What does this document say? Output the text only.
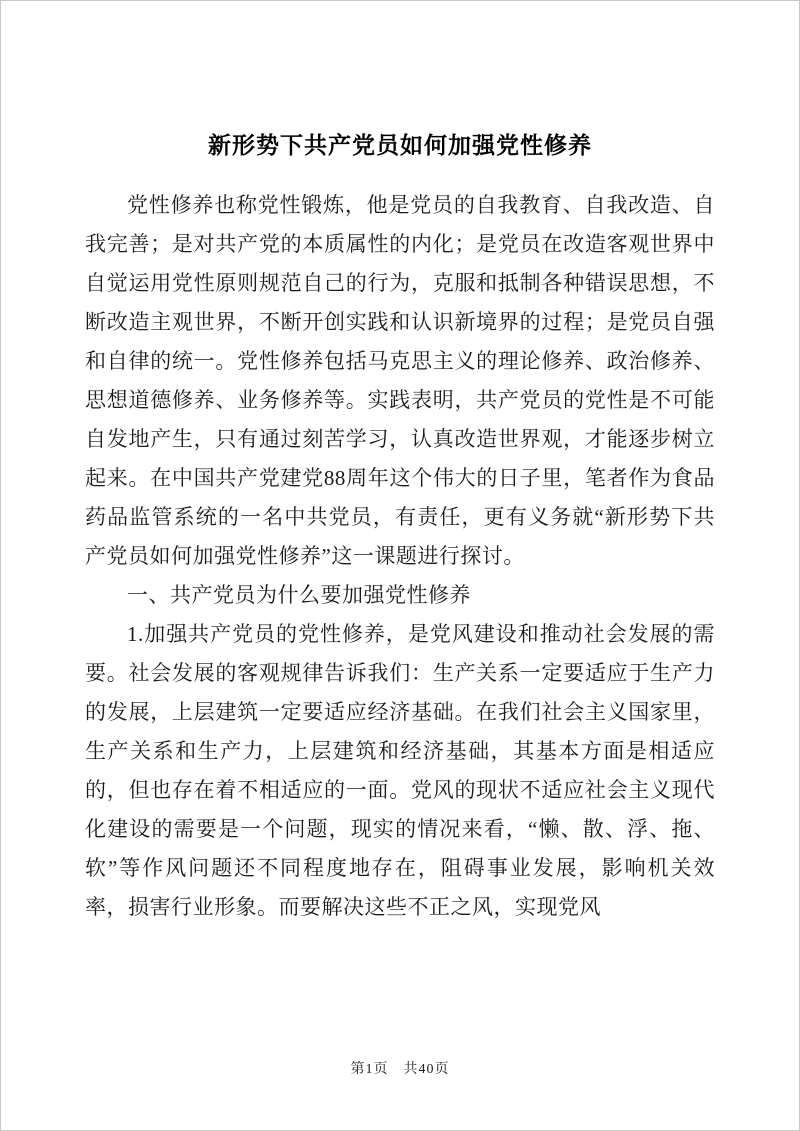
新形势下共产党员如何加强党性修养

党性修养也称党性锻炼，他是党员的自我教育、自我改造、自我完善；是对共产党的本质属性的内化；是党员在改造客观世界中自觉运用党性原则规范自己的行为，克服和抵制各种错误思想，不断改造主观世界，不断开创实践和认识新境界的过程；是党员自强和自律的统一。党性修养包括马克思主义的理论修养、政治修养、思想道德修养、业务修养等。实践表明，共产党员的党性是不可能自发地产生，只有通过刻苦学习，认真改造世界观，才能逐步树立起来。在中国共产党建党88周年这个伟大的日子里，笔者作为食品药品监管系统的一名中共党员，有责任，更有义务就“新形势下共产党员如何加强党性修养”这一课题进行探讨。

一、共产党员为什么要加强党性修养

1.加强共产党员的党性修养，是党风建设和推动社会发展的需要。社会发展的客观规律告诉我们：生产关系一定要适应于生产力的发展，上层建筑一定要适应经济基础。在我们社会主义国家里，生产关系和生产力，上层建筑和经济基础，其基本方面是相适应的，但也存在着不相适应的一面。党风的现状不适应社会主义现代化建设的需要是一个问题，现实的情况来看，“懒、散、浮、拖、软”等作风问题还不同程度地存在，阻碍事业发展，影响机关效率，损害行业形象。而要解决这些不正之风，实现党风

第1页　共40页
